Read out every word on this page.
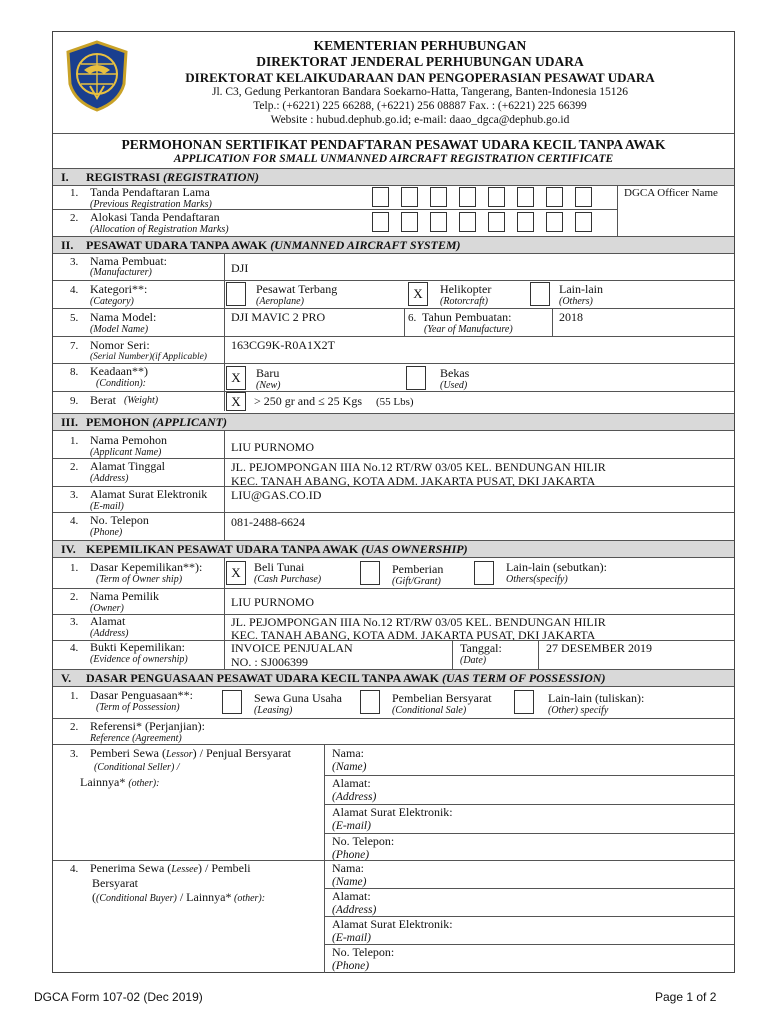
KEMENTERIAN PERHUBUNGAN
DIREKTORAT JENDERAL PERHUBUNGAN UDARA
DIREKTORAT KELAIKUDARAAN DAN PENGOPERASIAN PESAWAT UDARA
Jl. C3, Gedung Perkantoran Bandara Soekarno-Hatta, Tangerang, Banten-Indonesia 15126
Telp.: (+6221) 225 66288, (+6221) 256 08887 Fax. : (+6221) 225 66399
Website : hubud.dephub.go.id; e-mail: daao_dgca@dephub.go.id
PERMOHONAN SERTIFIKAT PENDAFTARAN PESAWAT UDARA KECIL TANPA AWAK
APPLICATION FOR SMALL UNMANNED AIRCRAFT REGISTRATION CERTIFICATE
I. REGISTRASI (REGISTRATION)
1. Tanda Pendaftaran Lama
(Previous Registration Marks)
2. Alokasi Tanda Pendaftaran
(Allocation of Registration Marks)
DGCA Officer Name
II. PESAWAT UDARA TANPA AWAK (UNMANNED AIRCRAFT SYSTEM)
3. Nama Pembuat:
(Manufacturer)	DJI
4. Kategori**:
(Category)
Pesawat Terbang
(Aeroplane)
X	Helikopter
(Rotorcraft)
Lain-lain
(Others)
5. Nama Model:
(Model Name)
DJI MAVIC 2 PRO	6. Tahun Pembuatan:
(Year of Manufacture)
2018
7. Nomor Seri:
(Serial Number)(if Applicable)
163CG9K-R0A1X2T
8. Keadaan**)
(Condition):	X	Baru
(New)
Bekas
(Used)
9. Berat (Weight)	X	> 250 gr and ≤ 25 Kgs (55 Lbs)
III. PEMOHON (APPLICANT)
1. Nama Pemohon
(Applicant Name)	LIU PURNOMO
2. Alamat Tinggal
(Address)
JL. PEJOMPONGAN IIIA No.12 RT/RW 03/05 KEL. BENDUNGAN HILIR
KEC. TANAH ABANG, KOTA ADM. JAKARTA PUSAT, DKI JAKARTA
3. Alamat Surat Elektronik
(E-mail)
LIU@GAS.CO.ID
4. No. Telepon
(Phone)
081-2488-6624
IV. KEPEMILIKAN PESAWAT UDARA TANPA AWAK (UAS OWNERSHIP)
1. Dasar Kepemilikan**):
(Term of Owner ship)	X	Beli Tunai
(Cash Purchase)
Pemberian
(Gift/Grant)
Lain-lain (sebutkan):
Others(specify)
2. Nama Pemilik
(Owner)	LIU PURNOMO
3. Alamat
(Address)
JL. PEJOMPONGAN IIIA No.12 RT/RW 03/05 KEL. BENDUNGAN HILIR
KEC. TANAH ABANG, KOTA ADM. JAKARTA PUSAT, DKI JAKARTA
4. Bukti Kepemilikan:
(Evidence of ownership)
INVOICE PENJUALAN
NO. : SJ006399
Tanggal:
(Date)
27 DESEMBER 2019
V. DASAR PENGUASAAN PESAWAT UDARA KECIL TANPA AWAK (UAS TERM OF POSSESSION)
1. Dasar Penguasaan**:
(Term of Possession)
Sewa Guna Usaha
(Leasing)
Pembelian Bersyarat
(Conditional Sale)
Lain-lain (tuliskan):
(Other) specify
2. Referensi* (Perjanjian):
Reference (Agreement)
3. Pemberi Sewa (Lessor) / Penjual Bersyarat
(Conditional Seller) /
Lainnya* (other):
Nama:
(Name)
Alamat:
(Address)
Alamat Surat Elektronik:
(E-mail)
No. Telepon:
(Phone)
4. Penerima Sewa (Lessee) / Pembeli
Bersyarat
((Conditional Buyer) / Lainnya* (other):
Nama:
(Name)
Alamat:
(Address)
Alamat Surat Elektronik:
(E-mail)
No. Telepon:
(Phone)
DGCA Form 107-02 (Dec 2019)	Page 1 of 2
